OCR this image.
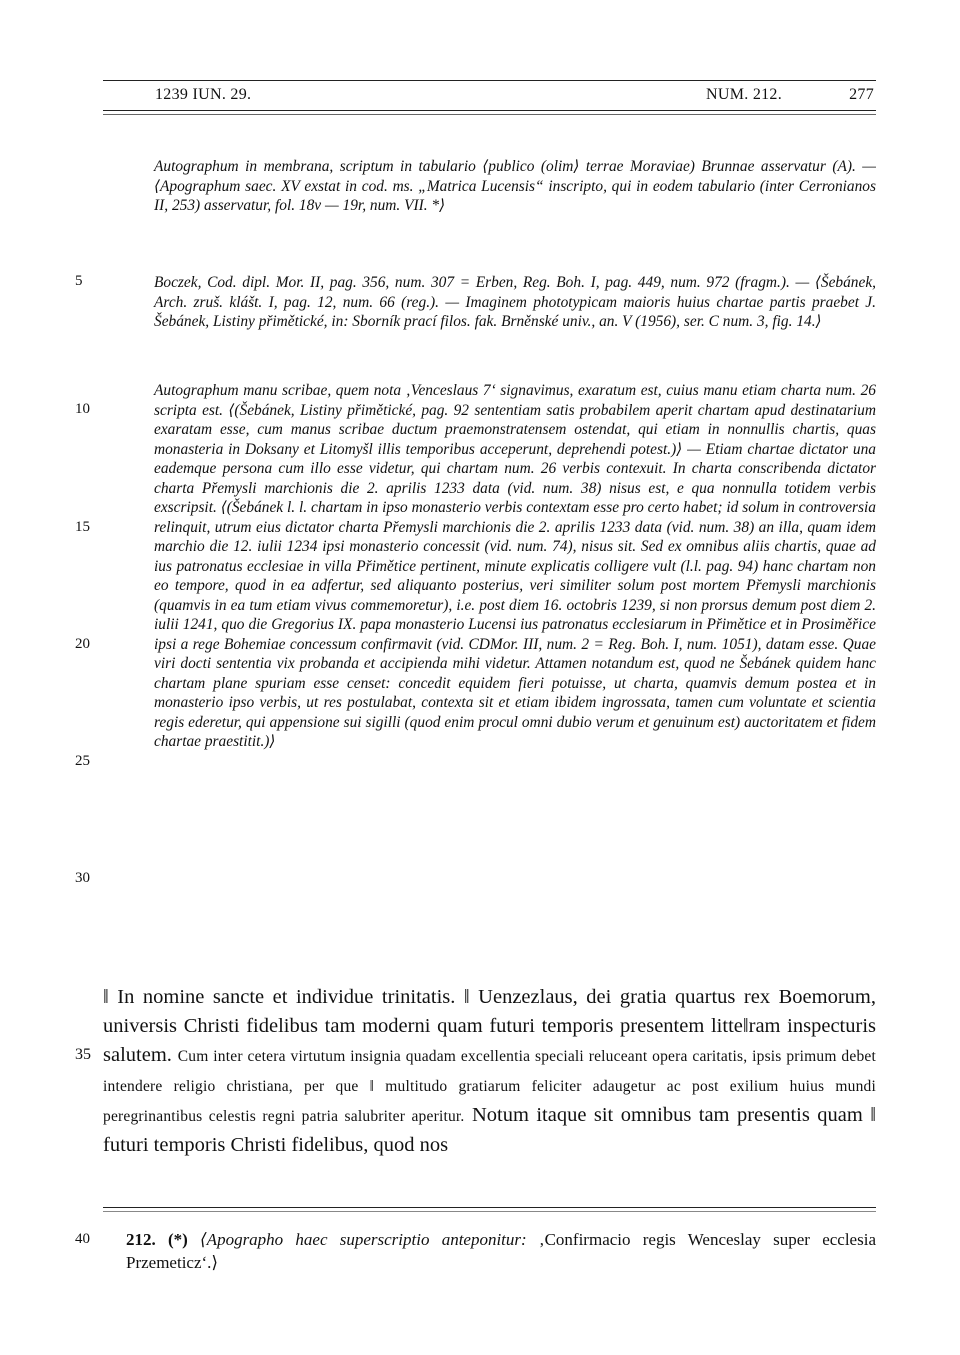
1239 IUN. 29.	NUM. 212.	277
5
10
15
20
25
30
35

Autographum in membrana, scriptum in tabulario ⟨publico (olim⟩ terrae Moraviae) Brunnae asservatur (A). — ⟨Apographum saec. XV exstat in cod. ms. „Matrica Lucensis“ inscripto, qui in eodem tabulario (inter Cerronianos II, 253) asservatur, fol. 18v — 19r, num. VII. *⟩

Boczek, Cod. dipl. Mor. II, pag. 356, num. 307 = Erben, Reg. Boh. I, pag. 449, num. 972 (fragm.). — ⟨Šebánek, Arch. zruš. klášt. I, pag. 12, num. 66 (reg.). — Imaginem phototypicam maioris huius chartae partis praebet J. Šebánek, Listiny přimětické, in: Sborník prací filos. fak. Brněnské univ., an. V (1956), ser. C num. 3, fig. 14.⟩

Autographum manu scribae, quem nota ‚Venceslaus 7‘ signavimus, exaratum est, cuius manu etiam charta num. 26 scripta est. ⟨(Šebánek, Listiny přimětické, pag. 92 sententiam satis probabilem aperit chartam apud destinatarium exaratam esse, cum manus scribae ductum praemonstratensem ostendat, qui etiam in nonnullis chartis, quas monasteria in Doksany et Litomyšl illis temporibus acceperunt, deprehendi potest.)⟩ — Etiam chartae dictator una eademque persona cum illo esse videtur, qui chartam num. 26 verbis contexuit. In charta conscribenda dictator charta Přemysli marchionis die 2. aprilis 1233 data (vid. num. 38) nisus est, e qua nonnulla totidem verbis exscripsit. ⟨(Šebánek l. l. chartam in ipso monasterio verbis contextam esse pro certo habet; id solum in controversia relinquit, utrum eius dictator charta Přemysli marchionis die 2. aprilis 1233 data (vid. num. 38) an illa, quam idem marchio die 12. iulii 1234 ipsi monasterio concessit (vid. num. 74), nisus sit. Sed ex omnibus aliis chartis, quae ad ius patronatus ecclesiae in villa Přimětice pertinent, minute explicatis colligere vult (l.l. pag. 94) hanc chartam non eo tempore, quod in ea adfertur, sed aliquanto posterius, veri similiter solum post mortem Přemysli marchionis (quamvis in ea tum etiam vivus commemoretur), i.e. post diem 16. octobris 1239, si non prorsus demum post diem 2. iulii 1241, quo die Gregorius IX. papa monasterio Lucensi ius patronatus ecclesiarum in Přimětice et in Prosiměřice ipsi a rege Bohemiae concessum confirmavit (vid. CDMor. III, num. 2 = Reg. Boh. I, num. 1051), datam esse. Quae viri docti sententia vix probanda et accipienda mihi videtur. Attamen notandum est, quod ne Šebánek quidem hanc chartam plane spuriam esse censet: concedit equidem fieri potuisse, ut charta, quamvis demum postea et in monasterio ipso verbis, ut res postulabat, contexta sit et etiam ibidem ingrossata, tamen cum voluntate et scientia regis ederetur, qui appensione sui sigilli (quod enim procul omni dubio verum et genuinum est) auctoritatem et fidem chartae praestitit.)⟩

ǁ In nomine sancte et individue trinitatis. ǁ Uenzezlaus, dei gratia quartus rex Boemorum, universis Christi fidelibus tam moderni quam futuri temporis presentem litte‖ram inspecturis salutem. Cum inter cetera virtutum insignia quadam excellentia speciali reluceant opera caritatis, ipsis primum debet intendere religio christiana, per que ‖ multitudo gratiarum feliciter adaugetur ac post exilium huius mundi peregrinantibus celestis regni patria salubriter aperitur. Notum itaque sit omnibus tam presentis quam ‖ futuri temporis Christi fidelibus, quod nos

40 212. (*) ⟨Apographo haec superscriptio anteponitur: ‚Confirmacio regis Wenceslay super ecclesia Przemeticz‘.⟩
